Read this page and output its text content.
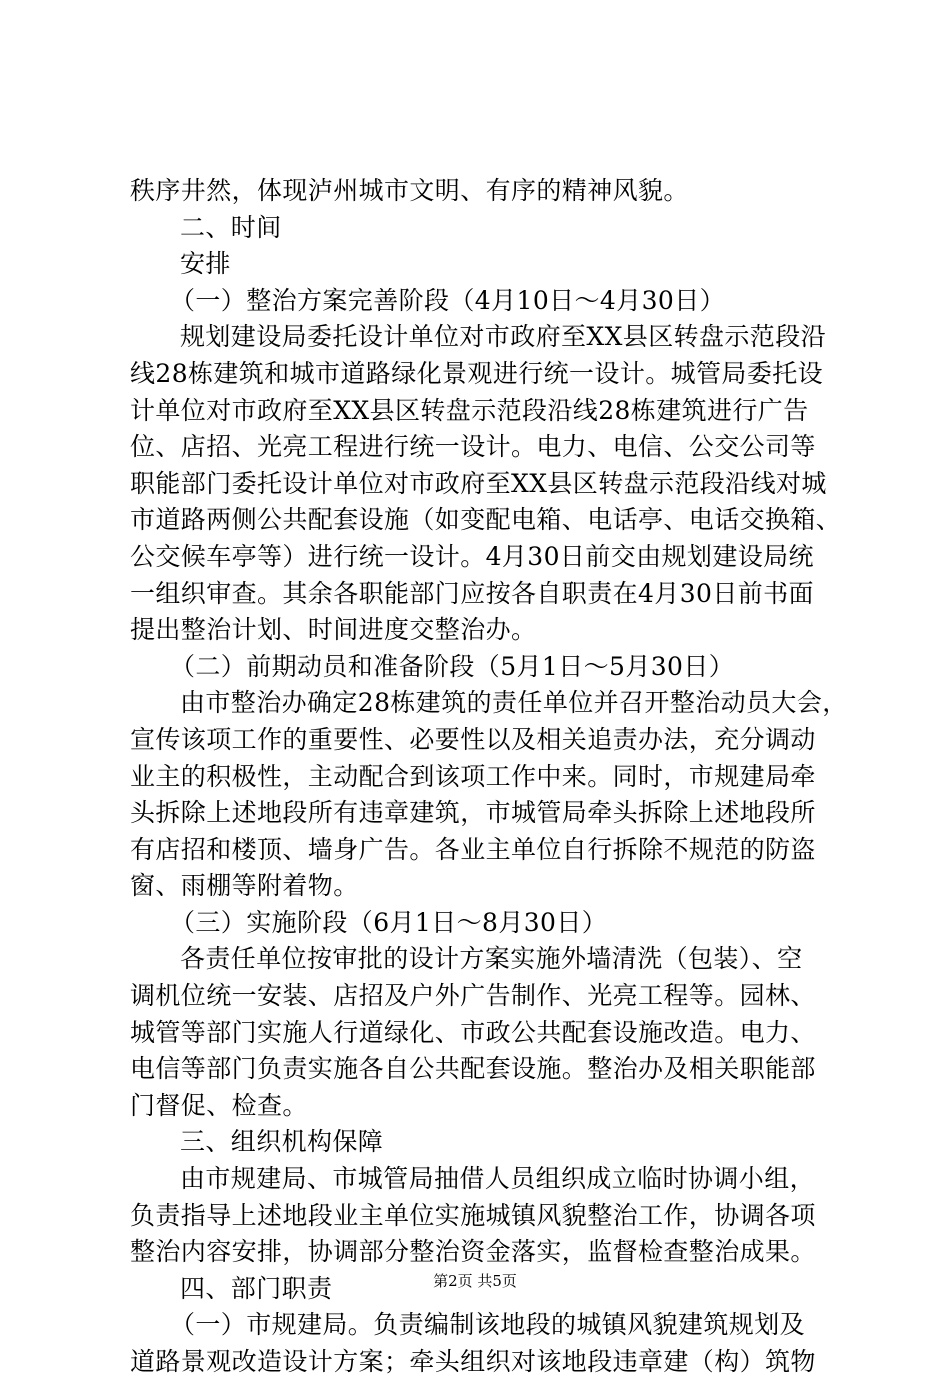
秩序井然，体现泸州城市文明、有序的精神风貌。
二、时间
安排
（一）整治方案完善阶段（4月10日～4月30日）
规划建设局委托设计单位对市政府至XX县区转盘示范段沿
线28栋建筑和城市道路绿化景观进行统一设计。城管局委托设
计单位对市政府至XX县区转盘示范段沿线28栋建筑进行广告
位、店招、光亮工程进行统一设计。电力、电信、公交公司等
职能部门委托设计单位对市政府至XX县区转盘示范段沿线对城
市道路两侧公共配套设施（如变配电箱、电话亭、电话交换箱、
公交候车亭等）进行统一设计。4月30日前交由规划建设局统
一组织审查。其余各职能部门应按各自职责在4月30日前书面
提出整治计划、时间进度交整治办。
（二）前期动员和准备阶段（5月1日～5月30日）
由市整治办确定28栋建筑的责任单位并召开整治动员大会，
宣传该项工作的重要性、必要性以及相关追责办法，充分调动
业主的积极性，主动配合到该项工作中来。同时，市规建局牵
头拆除上述地段所有违章建筑，市城管局牵头拆除上述地段所
有店招和楼顶、墙身广告。各业主单位自行拆除不规范的防盗
窗、雨棚等附着物。
（三）实施阶段（6月1日～8月30日）
各责任单位按审批的设计方案实施外墙清洗（包装）、空
调机位统一安装、店招及户外广告制作、光亮工程等。园林、
城管等部门实施人行道绿化、市政公共配套设施改造。电力、
电信等部门负责实施各自公共配套设施。整治办及相关职能部
门督促、检查。
三、组织机构保障
由市规建局、市城管局抽借人员组织成立临时协调小组，
负责指导上述地段业主单位实施城镇风貌整治工作，协调各项
整治内容安排，协调部分整治资金落实，监督检查整治成果。
四、部门职责
（一）市规建局。负责编制该地段的城镇风貌建筑规划及
道路景观改造设计方案；牵头组织对该地段违章建（构）筑物
第2页 共5页
